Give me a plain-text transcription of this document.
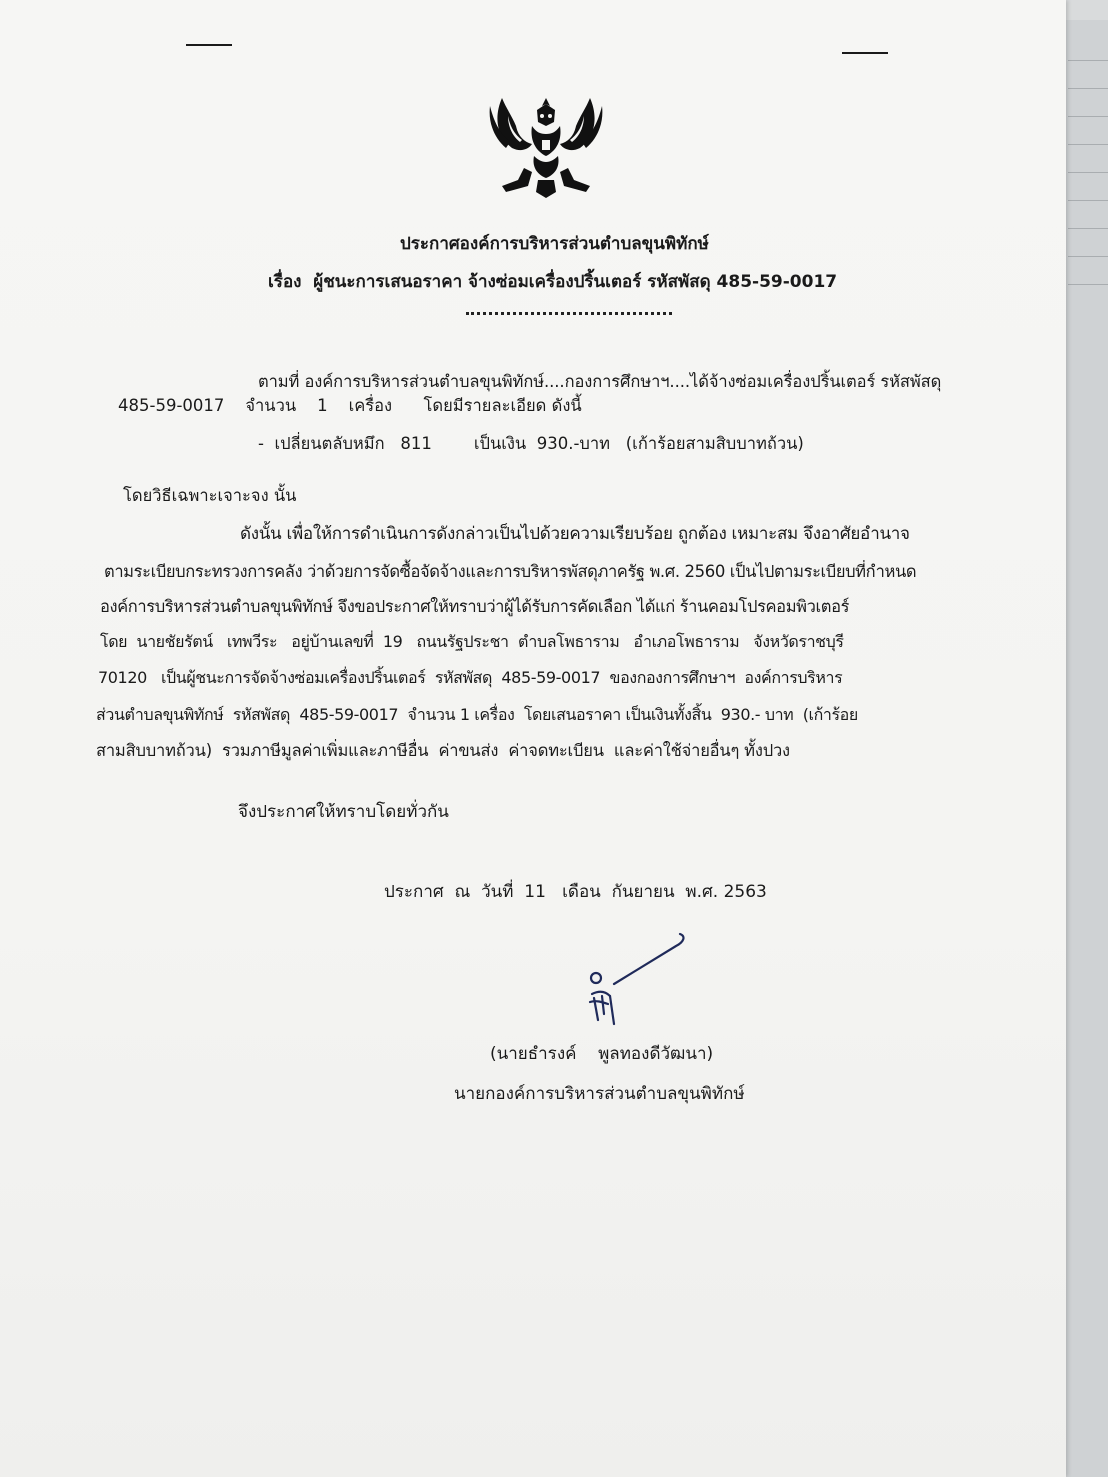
ประกาศองค์การบริหารส่วนตำบลขุนพิทักษ์
เรื่อง ผู้ชนะการเสนอราคา จ้างซ่อมเครื่องปริ้นเตอร์ รหัสพัสดุ 485-59-0017
ตามที่ องค์การบริหารส่วนตำบลขุนพิทักษ์....กองการศึกษาฯ....ได้จ้างซ่อมเครื่องปริ้นเตอร์ รหัสพัสดุ
485-59-0017    จำนวน    1    เครื่อง      โดยมีรายละเอียด ดังนี้
-  เปลี่ยนตลับหมึก   811        เป็นเงิน  930.-บาท   (เก้าร้อยสามสิบบาทถ้วน)
โดยวิธีเฉพาะเจาะจง นั้น
ดังนั้น เพื่อให้การดำเนินการดังกล่าวเป็นไปด้วยความเรียบร้อย ถูกต้อง เหมาะสม จึงอาศัยอำนาจ
ตามระเบียบกระทรวงการคลัง ว่าด้วยการจัดซื้อจัดจ้างและการบริหารพัสดุภาครัฐ พ.ศ. 2560 เป็นไปตามระเบียบที่กำหนด
องค์การบริหารส่วนตำบลขุนพิทักษ์ จึงขอประกาศให้ทราบว่าผู้ได้รับการคัดเลือก ได้แก่ ร้านคอมโปรคอมพิวเตอร์
โดย  นายชัยรัตน์   เทพวีระ   อยู่บ้านเลขที่  19   ถนนรัฐประชา  ตำบลโพธาราม   อำเภอโพธาราม   จังหวัดราชบุรี
70120   เป็นผู้ชนะการจัดจ้างซ่อมเครื่องปริ้นเตอร์  รหัสพัสดุ  485-59-0017  ของกองการศึกษาฯ  องค์การบริหาร
ส่วนตำบลขุนพิทักษ์  รหัสพัสดุ  485-59-0017  จำนวน 1 เครื่อง  โดยเสนอราคา เป็นเงินทั้งสิ้น  930.- บาท  (เก้าร้อย
สามสิบบาทถ้วน)  รวมภาษีมูลค่าเพิ่มและภาษีอื่น  ค่าขนส่ง  ค่าจดทะเบียน  และค่าใช้จ่ายอื่นๆ ทั้งปวง
จึงประกาศให้ทราบโดยทั่วกัน
ประกาศ  ณ  วันที่  11   เดือน  กันยายน  พ.ศ. 2563
(นายธำรงค์    พูลทองดีวัฒนา)
นายกองค์การบริหารส่วนตำบลขุนพิทักษ์
